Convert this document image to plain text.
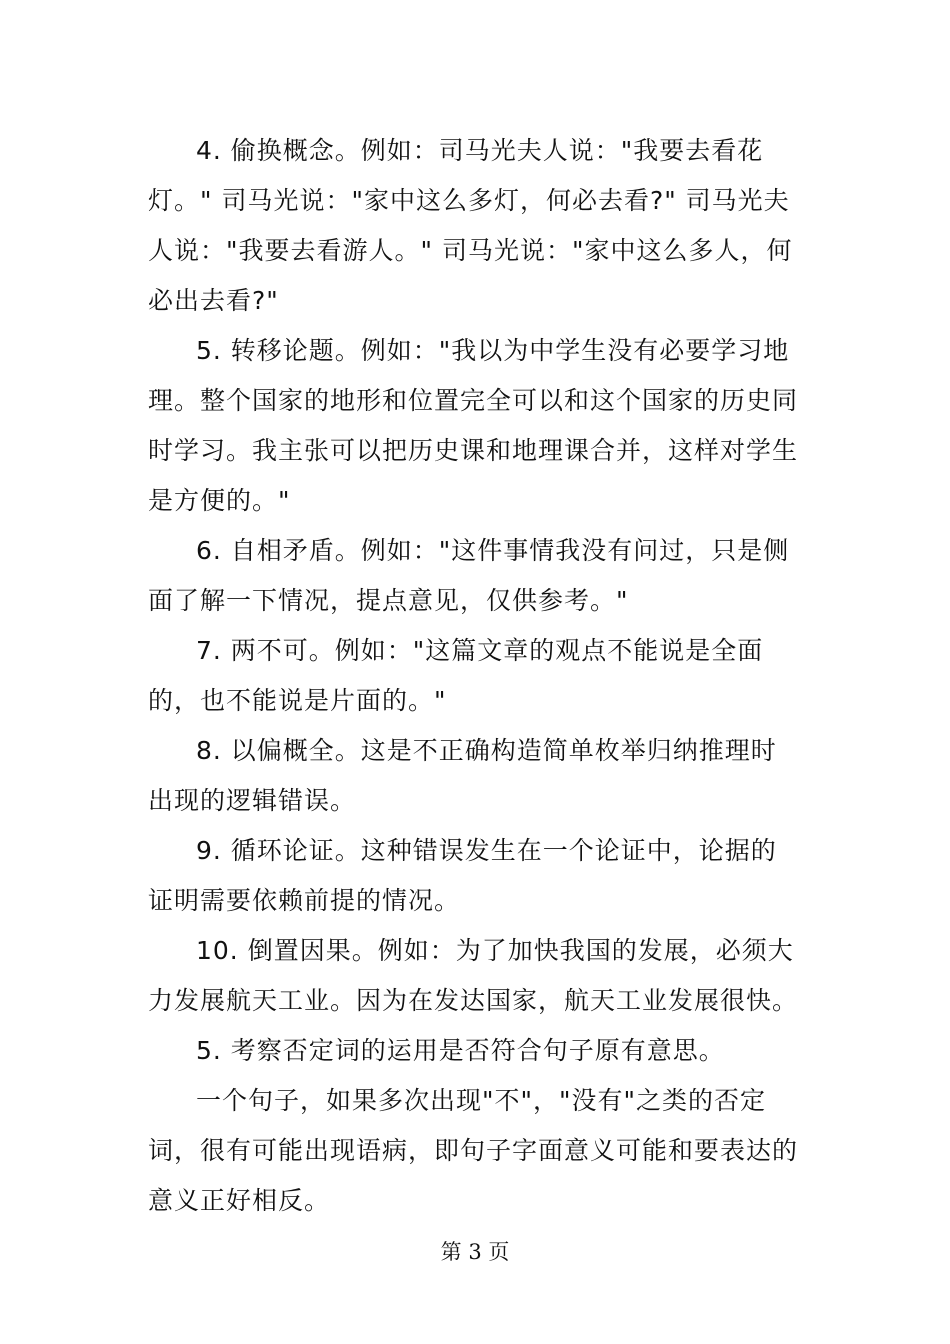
4. 偷换概念。例如：司马光夫人说："我要去看花灯。" 司马光说："家中这么多灯，何必去看?" 司马光夫人说："我要去看游人。" 司马光说："家中这么多人，何必出去看?"

5. 转移论题。例如："我以为中学生没有必要学习地理。整个国家的地形和位置完全可以和这个国家的历史同时学习。我主张可以把历史课和地理课合并，这样对学生是方便的。"

6. 自相矛盾。例如："这件事情我没有问过，只是侧面了解一下情况，提点意见，仅供参考。"

7. 两不可。例如："这篇文章的观点不能说是全面的，也不能说是片面的。"

8. 以偏概全。这是不正确构造简单枚举归纳推理时出现的逻辑错误。

9. 循环论证。这种错误发生在一个论证中，论据的证明需要依赖前提的情况。

10. 倒置因果。例如：为了加快我国的发展，必须大力发展航天工业。因为在发达国家，航天工业发展很快。

5. 考察否定词的运用是否符合句子原有意思。

一个句子，如果多次出现"不"，"没有"之类的否定词，很有可能出现语病，即句子字面意义可能和要表达的意义正好相反。

第 3 页
